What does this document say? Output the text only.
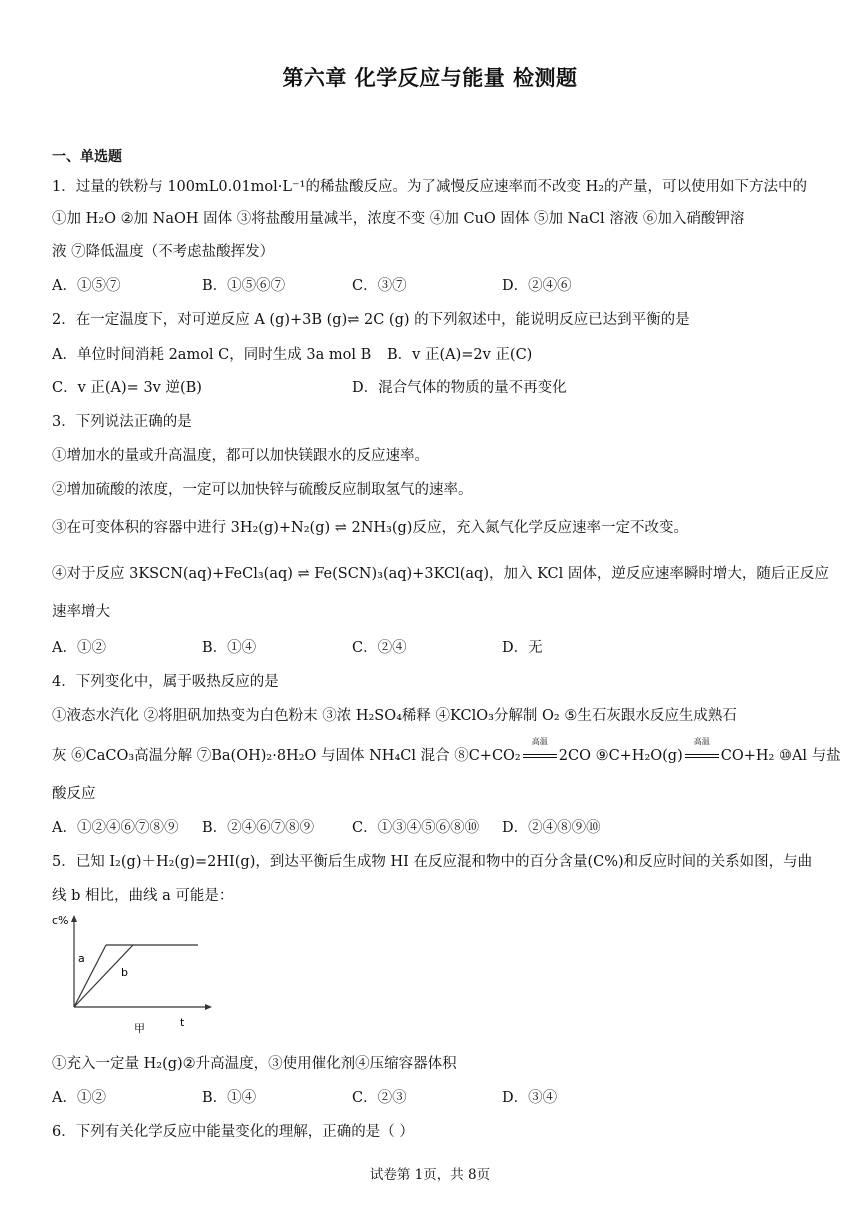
第六章 化学反应与能量 检测题
一、单选题
1．过量的铁粉与 100mL0.01mol·L⁻¹的稀盐酸反应。为了减慢反应速率而不改变 H₂的产量，可以使用如下方法中的
①加 H₂O ②加 NaOH 固体 ③将盐酸用量减半，浓度不变 ④加 CuO 固体 ⑤加 NaCl 溶液 ⑥加入硝酸钾溶
液 ⑦降低温度（不考虑盐酸挥发）
A．①⑤⑦	B．①⑤⑥⑦	C．③⑦	D．②④⑥
2．在一定温度下，对可逆反应 A (g)+3B (g)⇌ 2C (g) 的下列叙述中，能说明反应已达到平衡的是
A．单位时间消耗 2amol C，同时生成 3a mol B B．v 正(A)=2v 正(C)
C．v 正(A)= 3v 逆(B)	D．混合气体的物质的量不再变化
3．下列说法正确的是
①增加水的量或升高温度，都可以加快镁跟水的反应速率。
②增加硫酸的浓度，一定可以加快锌与硫酸反应制取氢气的速率。
③在可变体积的容器中进行 3H₂(g)+N₂(g) ⇌ 2NH₃(g)反应，充入氮气化学反应速率一定不改变。
④对于反应 3KSCN(aq)+FeCl₃(aq) ⇌ Fe(SCN)₃(aq)+3KCl(aq)，加入 KCl 固体，逆反应速率瞬时增大，随后正反应
速率增大
A．①②	B．①④	C．②④	D．无
4．下列变化中，属于吸热反应的是
①液态水汽化 ②将胆矾加热变为白色粉末 ③浓 H₂SO₄稀释 ④KClO₃分解制 O₂ ⑤生石灰跟水反应生成熟石
灰 ⑥CaCO₃高温分解 ⑦Ba(OH)₂·8H₂O 与固体 NH₄Cl 混合 ⑧C+CO₂
高温
2CO ⑨C+H₂O(g)
高温
CO+H₂ ⑩Al 与盐
酸反应
A．①②④⑥⑦⑧⑨ B．②④⑥⑦⑧⑨	C．①③④⑤⑥⑧⑩ D．②④⑧⑨⑩
5．已知 I₂(g)＋H₂(g)=2HI(g)，到达平衡后生成物 HI 在反应混和物中的百分含量(C%)和反应时间的关系如图，与曲
线 b 相比，曲线 a 可能是：
c%
a
b
t
甲
①充入一定量 H₂(g)②升高温度，③使用催化剂④压缩容器体积
A．①②	B．①④	C．②③	D．③④
6．下列有关化学反应中能量变化的理解，正确的是（ ）
试卷第 1页，共 8页
